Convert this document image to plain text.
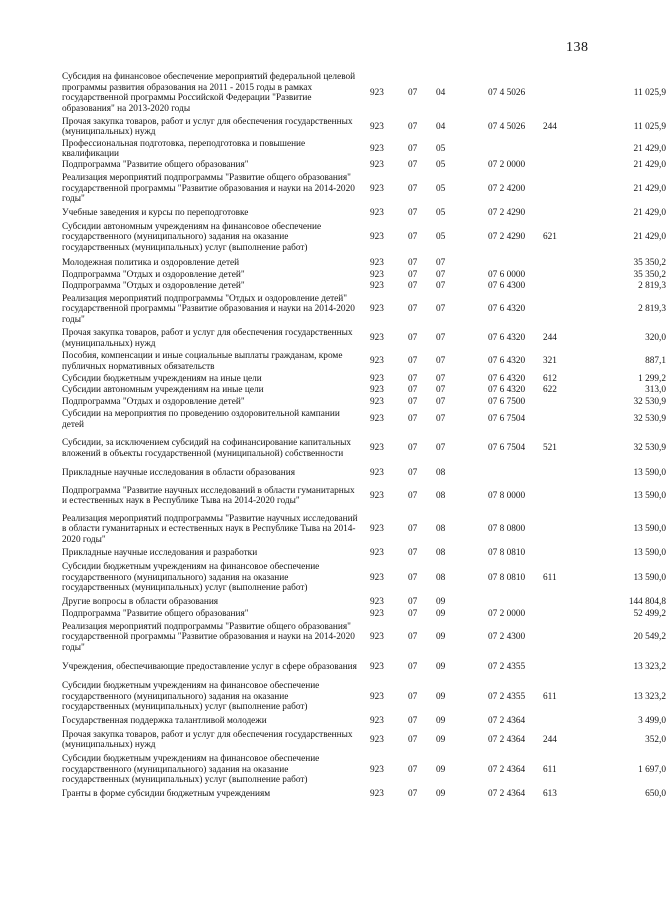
138
Субсидия на финансовое обеспечение мероприятий федеральной целевой программы развития образования на 2011 - 2015 годы в рамках государственной программы Российской Федерации "Развитие образования" на 2013-2020 годы
923	07	04	07 4 5026	11 025,9
Прочая закупка товаров, работ и услуг для обеспечения государственных (муниципальных) нужд
923	07	04	07 4 5026	244	11 025,9
Профессиональная подготовка, переподготовка и повышение квалификации
923	07	05	21 429,0
Подпрограмма "Развитие общего образования"	923	07	05	07 2 0000	21 429,0
Реализация мероприятий подпрограммы "Развитие общего образования" государственной программы "Развитие образования и науки на 2014-2020 годы"
923	07	05	07 2 4200	21 429,0
Учебные заведения и курсы по переподготовке	923	07	05	07 2 4290	21 429,0
Субсидии автономным учреждениям на финансовое обеспечение государственного (муниципального) задания на оказание государственных (муниципальных) услуг (выполнение работ)
923	07	05	07 2 4290	621	21 429,0
Молодежная политика и оздоровление детей	923	07	07	35 350,2
Подпрограмма "Отдых и оздоровление детей"	923	07	07	07 6 0000	35 350,2
Подпрограмма "Отдых и оздоровление детей"	923	07	07	07 6 4300	2 819,3
Реализация мероприятий подпрограммы "Отдых и оздоровление детей" государственной программы "Развитие образования и науки на 2014-2020 годы"
923	07	07	07 6 4320	2 819,3
Прочая закупка товаров, работ и услуг для обеспечения государственных (муниципальных) нужд
923	07	07	07 6 4320	244	320,0
Пособия, компенсации и иные социальные выплаты гражданам, кроме публичных нормативных обязательств
923	07	07	07 6 4320	321	887,1
Субсидии бюджетным учреждениям на иные цели	923	07	07	07 6 4320	612	1 299,2
Субсидии автономным учреждениям на иные цели	923	07	07	07 6 4320	622	313,0
Подпрограмма "Отдых и оздоровление детей"	923	07	07	07 6 7500	32 530,9
Субсидии на мероприятия по проведению оздоровительной кампании детей
923	07	07	07 6 7504	32 530,9
Субсидии, за исключением субсидий на софинансирование капитальных вложений в объекты государственной (муниципальной) собственности
923	07	07	07 6 7504	521	32 530,9
Прикладные научные исследования в области образования	923	07	08	13 590,0
Подпрограмма "Развитие научных исследований в области гуманитарных и естественных наук в Республике Тыва на 2014-2020 годы"
923	07	08	07 8 0000	13 590,0
Реализация мероприятий подпрограммы "Развитие научных исследований в области гуманитарных и естественных наук в Республике Тыва на 2014-2020 годы"
923	07	08	07 8 0800	13 590,0
Прикладные научные исследования и разработки	923	07	08	07 8 0810	13 590,0
Субсидии бюджетным учреждениям на финансовое обеспечение государственного (муниципального) задания на оказание государственных (муниципальных) услуг (выполнение работ)
923	07	08	07 8 0810	611	13 590,0
Другие вопросы в области образования	923	07	09	144 804,8
Подпрограмма "Развитие общего образования"	923	07	09	07 2 0000	52 499,2
Реализация мероприятий подпрограммы "Развитие общего образования" государственной программы "Развитие образования и науки на 2014-2020 годы"
923	07	09	07 2 4300	20 549,2
Учреждения, обеспечивающие предоставление услуг в сфере образования	923	07	09	07 2 4355	13 323,2
Субсидии бюджетным учреждениям на финансовое обеспечение государственного (муниципального) задания на оказание государственных (муниципальных) услуг (выполнение работ)
923	07	09	07 2 4355	611	13 323,2
Государственная поддержка талантливой молодежи	923	07	09	07 2 4364	3 499,0
Прочая закупка товаров, работ и услуг для обеспечения государственных (муниципальных) нужд
923	07	09	07 2 4364	244	352,0
Субсидии бюджетным учреждениям на финансовое обеспечение государственного (муниципального) задания на оказание государственных (муниципальных) услуг (выполнение работ)
923	07	09	07 2 4364	611	1 697,0
Гранты в форме субсидии бюджетным учреждениям	923	07	09	07 2 4364	613	650,0
